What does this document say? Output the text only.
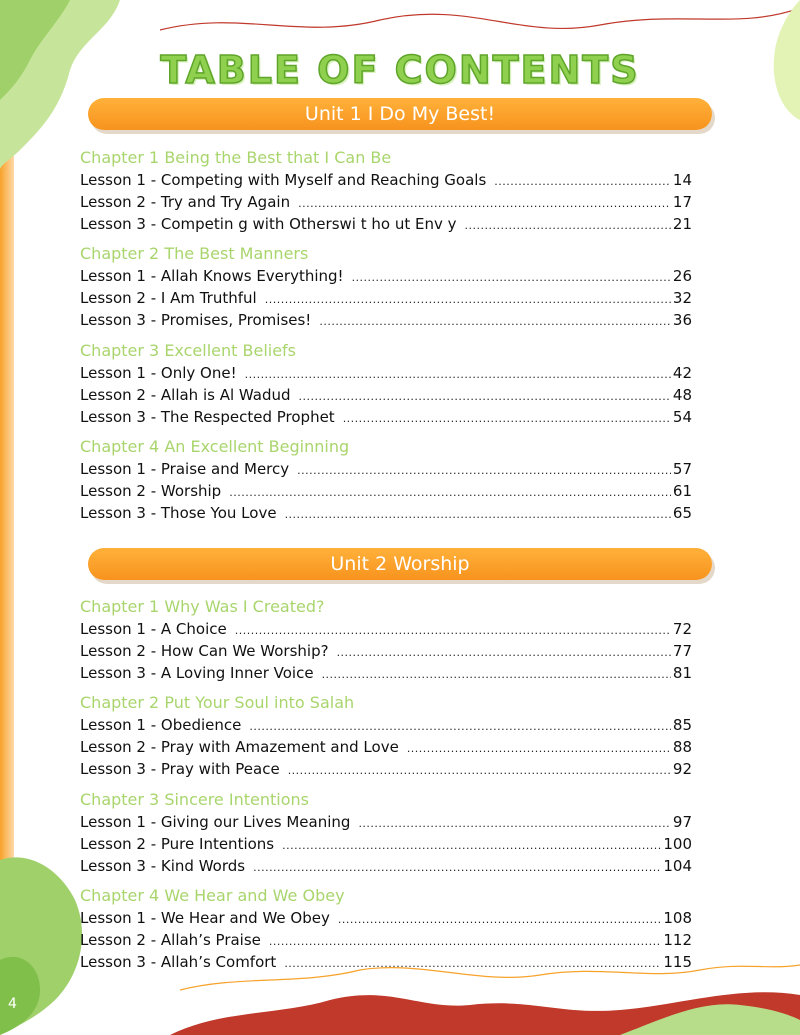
TABLE OF CONTENTS
Unit 1 I Do My Best!
Chapter 1 Being the Best that I Can Be
Lesson 1 - Competing with Myself and Reaching Goals .....	14
Lesson 2 - Try and Try Again .....	17
Lesson 3 - Competin g with Otherswi t ho ut Env y .....	21
Chapter 2 The Best Manners
Lesson 1 - Allah Knows Everything! .....	26
Lesson 2 - I Am Truthful .....	32
Lesson 3 - Promises, Promises! .....	36
Chapter 3 Excellent Beliefs
Lesson 1 - Only One! .....	42
Lesson 2 - Allah is Al Wadud .....	48
Lesson 3 - The Respected Prophet .....	54
Chapter 4 An Excellent Beginning
Lesson 1 - Praise and Mercy .....	57
Lesson 2 - Worship .....	61
Lesson 3 - Those You Love .....	65
Unit 2 Worship
Chapter 1 Why Was I Created?
Lesson 1 - A Choice .....	72
Lesson 2 - How Can We Worship? .....	77
Lesson 3 - A Loving Inner Voice .....	81
Chapter 2 Put Your Soul into Salah
Lesson 1 - Obedience .....	85
Lesson 2 - Pray with Amazement and Love .....	88
Lesson 3 - Pray with Peace .....	92
Chapter 3 Sincere Intentions
Lesson 1 - Giving our Lives Meaning .....	97
Lesson 2 - Pure Intentions .....	100
Lesson 3 - Kind Words .....	104
Chapter 4 We Hear and We Obey
Lesson 1 - We Hear and We Obey .....	108
Lesson 2 - Allah’s Praise .....	112
Lesson 3 - Allah’s Comfort .....	115
4
